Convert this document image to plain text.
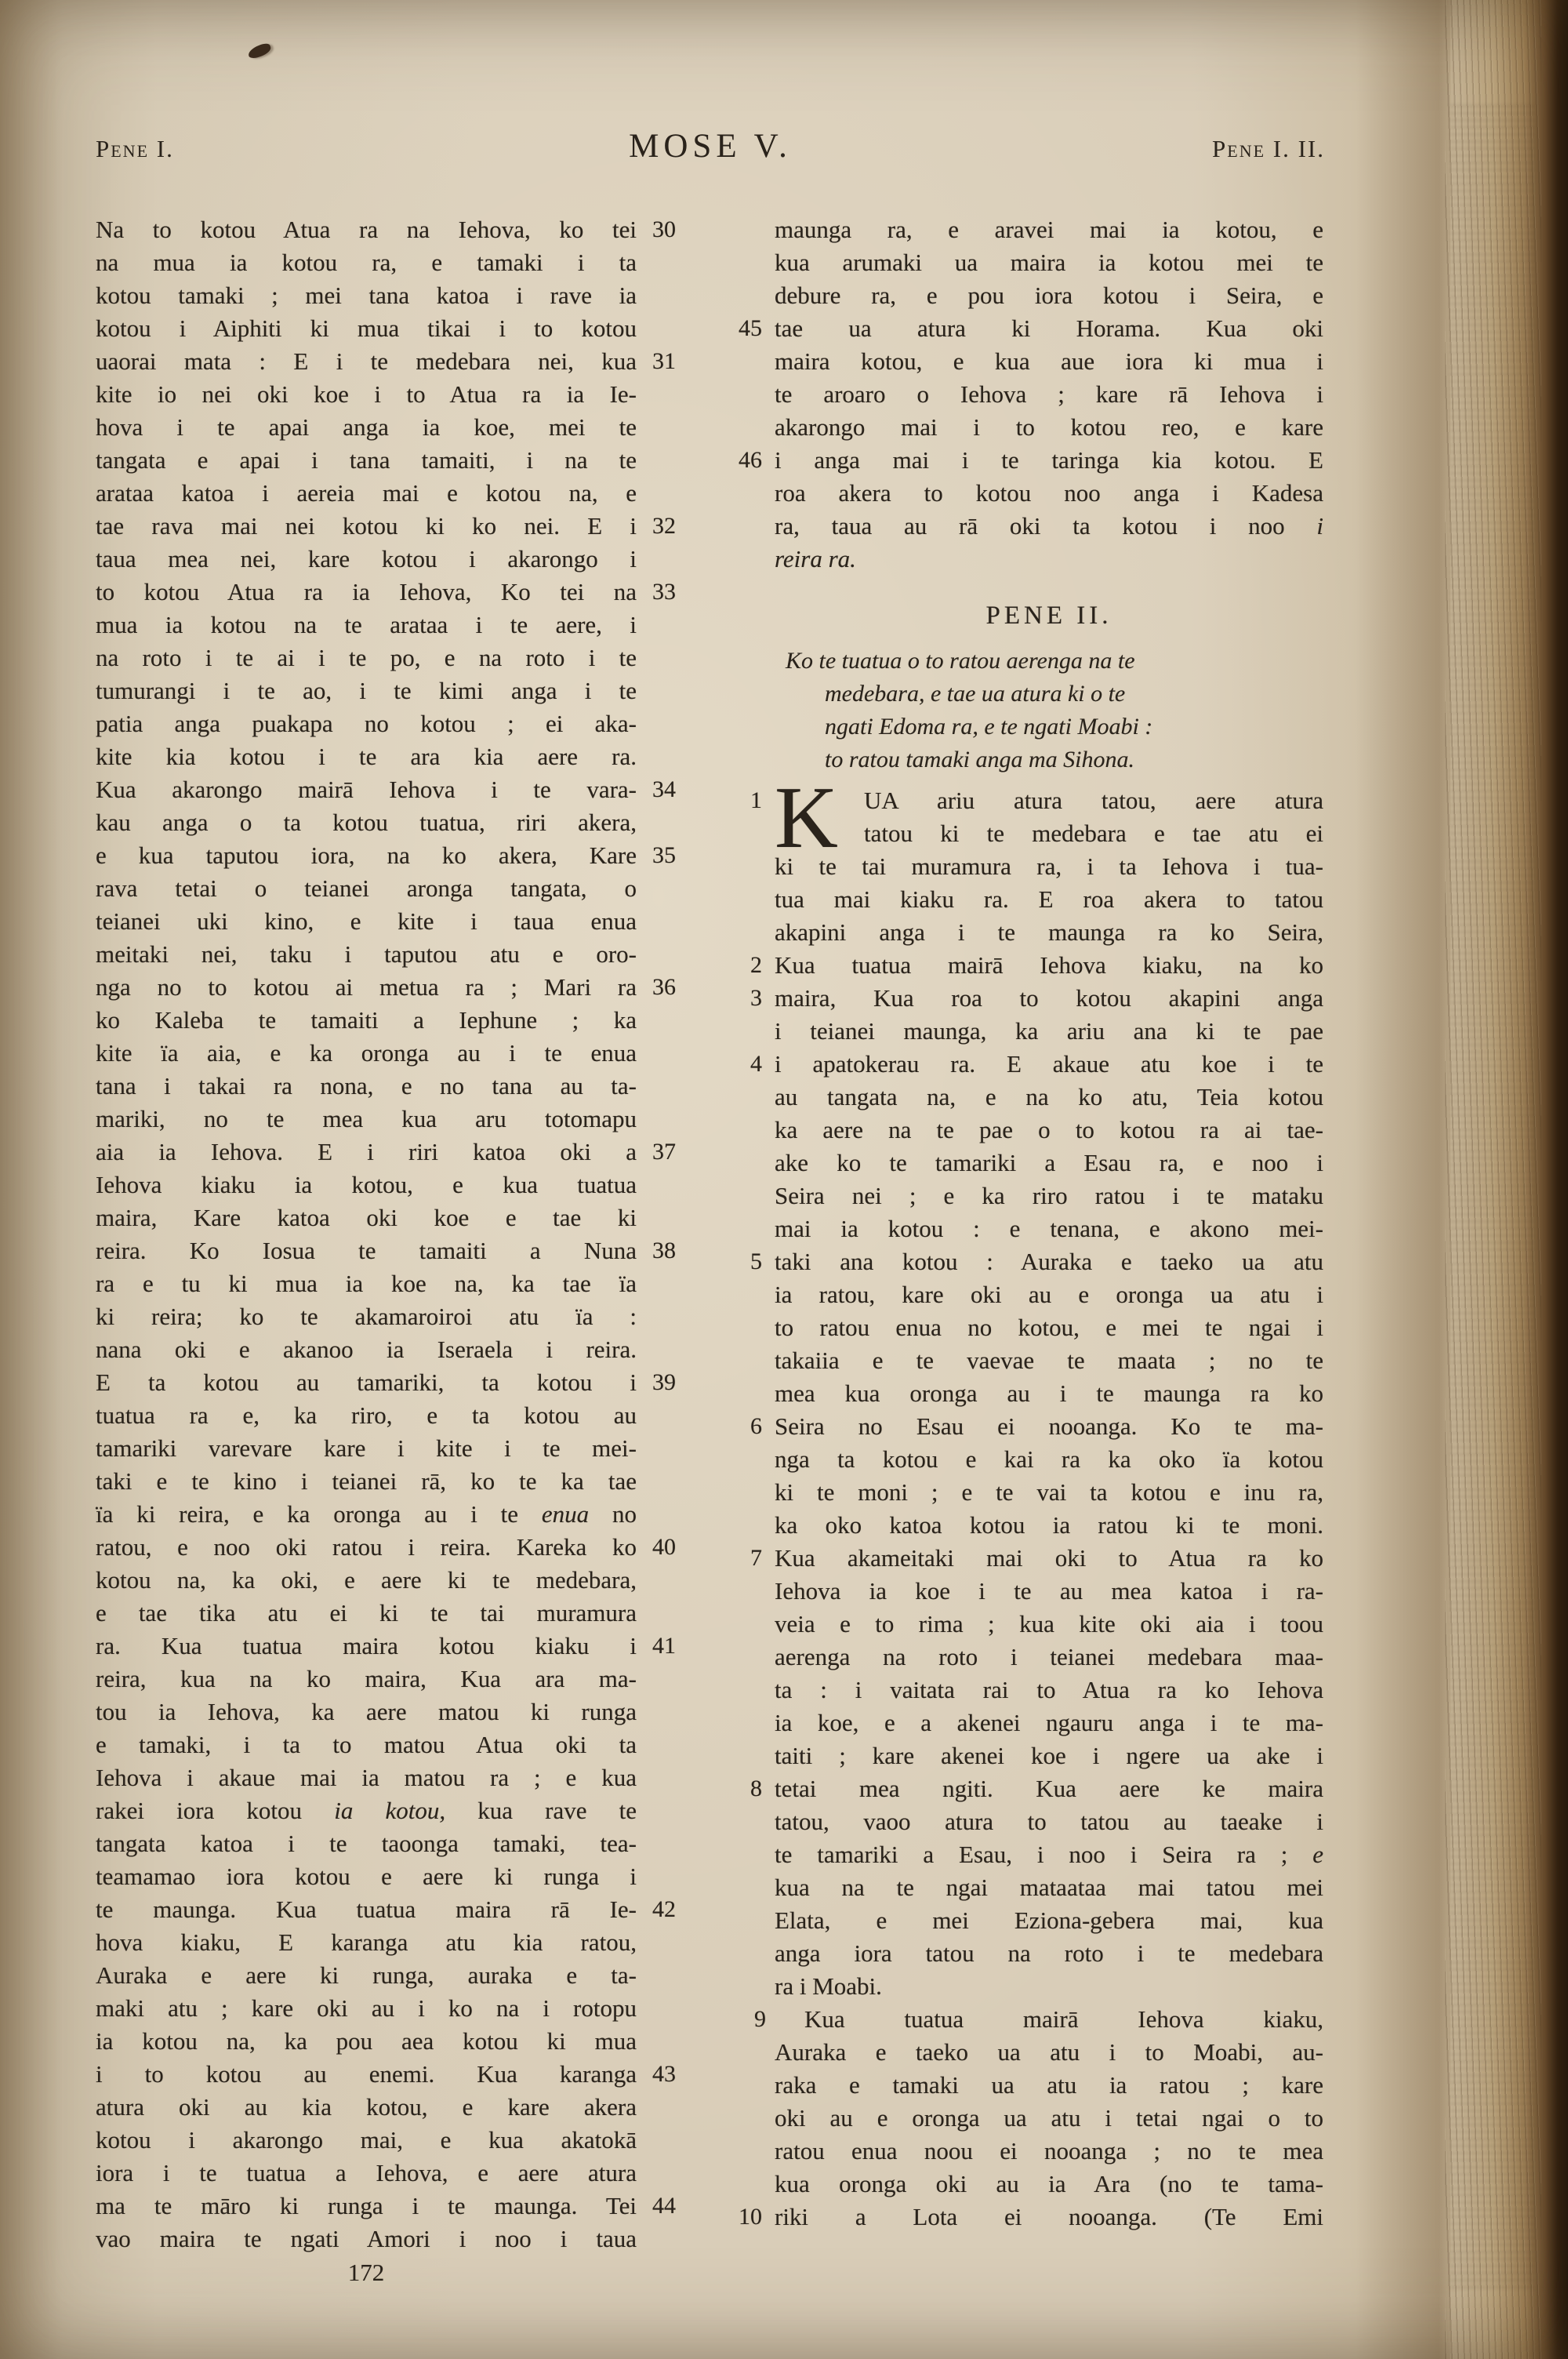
Pene I.	MOSE V.	Pene I. II.
30
Na to kotou Atua ra na Iehova, ko tei
na mua ia kotou ra, e tamaki i ta
kotou tamaki ; mei tana katoa i rave ia
kotou i Aiphiti ki mua tikai i to kotou
31
uaorai mata : E i te medebara nei, kua
kite io nei oki koe i to Atua ra ia Ie-
hova i te apai anga ia koe, mei te
tangata e apai i tana tamaiti, i na te
arataa katoa i aereia mai e kotou na, e
32
tae rava mai nei kotou ki ko nei. E i
taua mea nei, kare kotou i akarongo i
33
to kotou Atua ra ia Iehova, Ko tei na
mua ia kotou na te arataa i te aere, i
na roto i te ai i te po, e na roto i te
tumurangi i te ao, i te kimi anga i te
patia anga puakapa no kotou ; ei aka-
kite kia kotou i te ara kia aere ra.
34
Kua akarongo mairā Iehova i te vara-
kau anga o ta kotou tuatua, riri akera,
35
e kua taputou iora, na ko akera, Kare
rava tetai o teianei aronga tangata, o
teianei uki kino, e kite i taua enua
meitaki nei, taku i taputou atu e oro-
36
nga no to kotou ai metua ra ; Mari ra
ko Kaleba te tamaiti a Iephune ; ka
kite ïa aia, e ka oronga au i te enua
tana i takai ra nona, e no tana au ta-
mariki, no te mea kua aru totomapu
37
aia ia Iehova. E i riri katoa oki a
Iehova kiaku ia kotou, e kua tuatua
maira, Kare katoa oki koe e tae ki
38
reira. Ko Iosua te tamaiti a Nuna
ra e tu ki mua ia koe na, ka tae ïa
ki reira; ko te akamaroiroi atu ïa :
nana oki e akanoo ia Iseraela i reira.
39
E ta kotou au tamariki, ta kotou i
tuatua ra e, ka riro, e ta kotou au
tamariki varevare kare i kite i te mei-
taki e te kino i teianei rā, ko te ka tae
ïa ki reira, e ka oronga au i te enua no
40
ratou, e noo oki ratou i reira. Kareka ko
kotou na, ka oki, e aere ki te medebara,
e tae tika atu ei ki te tai muramura
41
ra. Kua tuatua maira kotou kiaku i
reira, kua na ko maira, Kua ara ma-
tou ia Iehova, ka aere matou ki runga
e tamaki, i ta to matou Atua oki ta
Iehova i akaue mai ia matou ra ; e kua
rakei iora kotou ia kotou, kua rave te
tangata katoa i te taoonga tamaki, tea-
teamamao iora kotou e aere ki runga i
42
te maunga. Kua tuatua maira rā Ie-
hova kiaku, E karanga atu kia ratou,
Auraka e aere ki runga, auraka e ta-
maki atu ; kare oki au i ko na i rotopu
ia kotou na, ka pou aea kotou ki mua
43
i to kotou au enemi. Kua karanga
atura oki au kia kotou, e kare akera
kotou i akarongo mai, e kua akatokā
iora i te tuatua a Iehova, e aere atura
44
ma te māro ki runga i te maunga. Tei
vao maira te ngati Amori i noo i taua
maunga ra, e aravei mai ia kotou, e
kua arumaki ua maira ia kotou mei te
debure ra, e pou iora kotou i Seira, e
45 tae ua atura ki Horama. Kua oki
maira kotou, e kua aue iora ki mua i
te aroaro o Iehova ; kare rā Iehova i
akarongo mai i to kotou reo, e kare
46 i anga mai i te taringa kia kotou. E
roa akera to kotou noo anga i Kadesa
ra, taua au rā oki ta kotou i noo i
reira ra.
PENE II.
Ko te tuatua o to ratou aerenga na te
medebara, e tae ua atura ki o te
ngati Edoma ra, e te ngati Moabi :
to ratou tamaki anga ma Sihona.
1 K UA ariu atura tatou, aere atura
tatou ki te medebara e tae atu ei
ki te tai muramura ra, i ta Iehova i tua-
tua mai kiaku ra. E roa akera to tatou
akapini anga i te maunga ra ko Seira,
2 Kua tuatua mairā Iehova kiaku, na ko
3 maira, Kua roa to kotou akapini anga
i teianei maunga, ka ariu ana ki te pae
4 i apatokerau ra. E akaue atu koe i te
au tangata na, e na ko atu, Teia kotou
ka aere na te pae o to kotou ra ai tae-
ake ko te tamariki a Esau ra, e noo i
Seira nei ; e ka riro ratou i te mataku
mai ia kotou : e tenana, e akono mei-
5 taki ana kotou : Auraka e taeko ua atu
ia ratou, kare oki au e oronga ua atu i
to ratou enua no kotou, e mei te ngai i
takaiia e te vaevae te maata ; no te
mea kua oronga au i te maunga ra ko
6 Seira no Esau ei nooanga. Ko te ma-
nga ta kotou e kai ra ka oko ïa kotou
ki te moni ; e te vai ta kotou e inu ra,
ka oko katoa kotou ia ratou ki te moni.
7 Kua akameitaki mai oki to Atua ra ko
Iehova ia koe i te au mea katoa i ra-
veia e to rima ; kua kite oki aia i toou
aerenga na roto i teianei medebara maa-
ta : i vaitata rai to Atua ra ko Iehova
ia koe, e a akenei ngauru anga i te ma-
taiti ; kare akenei koe i ngere ua ake i
8 tetai mea ngiti. Kua aere ke maira
tatou, vaoo atura to tatou au taeake i
te tamariki a Esau, i noo i Seira ra ; e
kua na te ngai mataataa mai tatou mei
Elata, e mei Eziona-gebera mai, kua
anga iora tatou na roto i te medebara
ra i Moabi.
9 Kua tuatua mairā Iehova kiaku,
Auraka e taeko ua atu i to Moabi, au-
raka e tamaki ua atu ia ratou ; kare
oki au e oronga ua atu i tetai ngai o to
ratou enua noou ei nooanga ; no te mea
kua oronga oki au ia Ara (no te tama-
10 riki a Lota ei nooanga. (Te Emi
172
